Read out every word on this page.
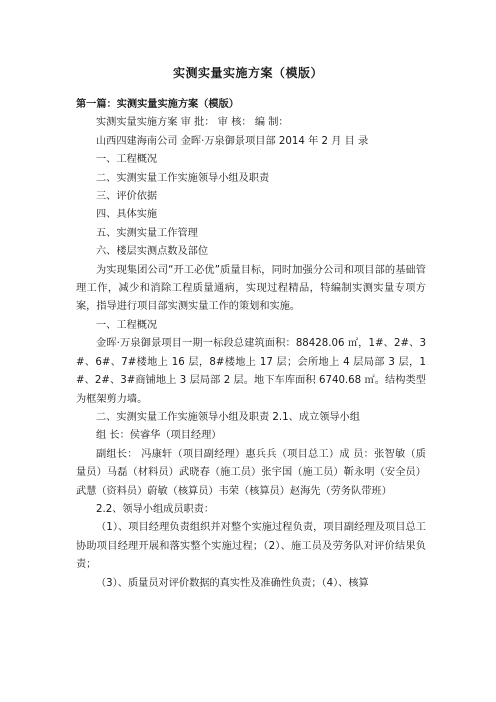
实测实量实施方案（模版）

第一篇：实测实量实施方案（模版）

实测实量实施方案 审 批： 审 核： 编 制：

山西四建海南公司 金晖·万泉御景项目部 2014 年 2 月 目 录

一、工程概况

二、实测实量工作实施领导小组及职责

三、评价依据

四、具体实施

五、实测实量工作管理

六、楼层实测点数及部位

为实现集团公司“开工必优”质量目标，同时加强分公司和项目部的基础管理工作，减少和消除工程质量通病，实现过程精品，特编制实测实量专项方案，指导进行项目部实测实量工作的策划和实施。

一、工程概况

金晖·万泉御景项目一期一标段总建筑面积：88428.06 ㎡，1#、2#、3#、6#、7#楼地上 16 层，8#楼地上 17 层；会所地上 4 层局部 3 层，1#、2#、3#商铺地上 3 层局部 2 层。地下车库面积 6740.68 ㎡。结构类型为框架剪力墙。

二、实测实量工作实施领导小组及职责 2.1、成立领导小组

组 长：侯睿华（项目经理）

副组长： 冯康轩（项目副经理）惠兵兵（项目总工）成 员：张智敏（质量员）马磊（材料员）武晓春（施工员）张宇国（施工员）靳永明（安全员）武慧（资料员）蔚敏（核算员）韦荣（核算员）赵海先（劳务队带班）

2.2、领导小组成员职责：

（1）、项目经理负责组织并对整个实施过程负责，项目副经理及项目总工协助项目经理开展和落实整个实施过程；（2）、施工员及劳务队对评价结果负责；

（3）、质量员对评价数据的真实性及准确性负责；（4）、核算
